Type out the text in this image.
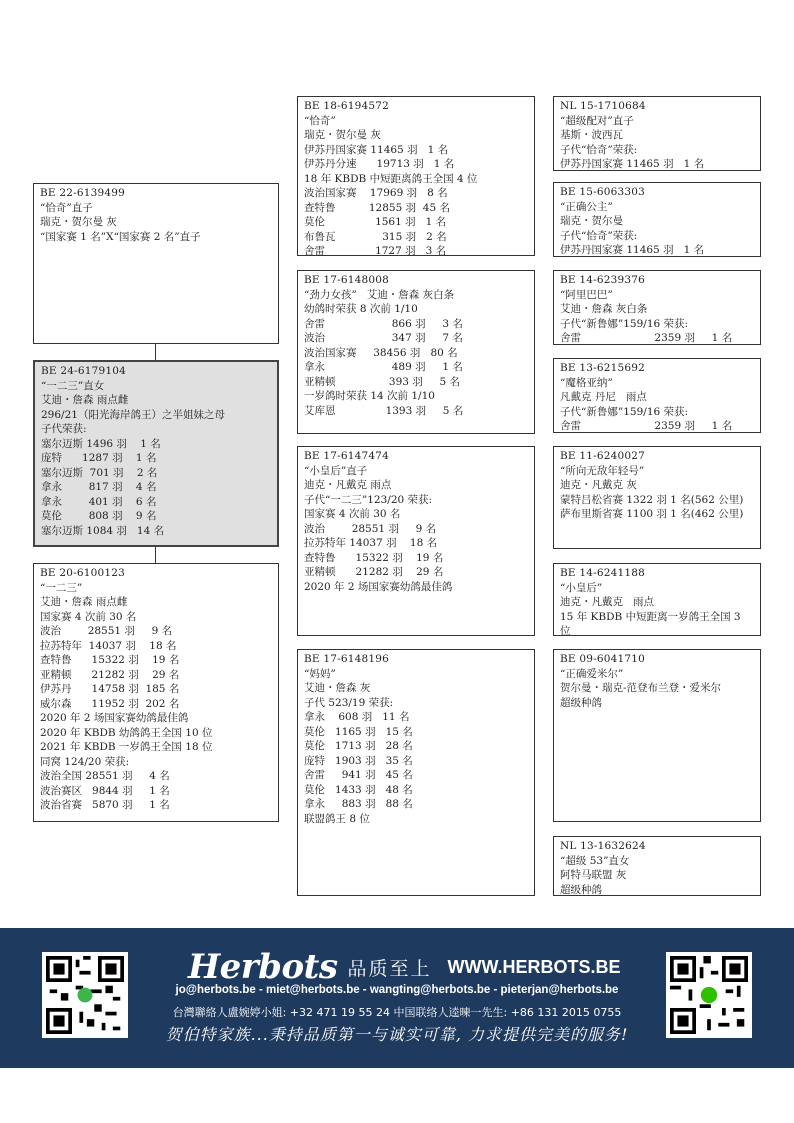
BE 22-6139499
“恰奇”直子
瑞克・贺尔曼 灰
“国家赛 1 名”X“国家赛 2 名”直子
BE 24-6179104
“一二三”直女
艾迪・詹森 雨点雌
296/21（阳光海岸鸽王）之半姐妹之母
子代荣获:
塞尔迈斯 1496 羽    1 名
庞特      1287 羽    1 名
塞尔迈斯  701 羽    2 名
拿永        817 羽    4 名
拿永        401 羽    6 名
莫伦        808 羽    9 名
塞尔迈斯 1084 羽   14 名
BE 20-6100123
“一二三”
艾迪・詹森 雨点雌
国家赛 4 次前 30 名
波治        28551 羽     9 名
拉苏特年  14037 羽    18 名
查特鲁      15322 羽    19 名
亚精顿      21282 羽    29 名
伊苏丹      14758 羽  185 名
威尔森      11952 羽  202 名
2020 年 2 场国家赛幼鸽最佳鸽
2020 年 KBDB 幼鸽鸽王全国 10 位
2021 年 KBDB 一岁鸽王全国 18 位
同窝 124/20 荣获:
波治全国 28551 羽     4 名
波治赛区   9844 羽     1 名
波治省赛   5870 羽     1 名
BE 18-6194572
“恰奇”
瑞克・贺尔曼 灰
伊苏丹国家赛 11465 羽   1 名
伊苏丹分速      19713 羽   1 名
18 年 KBDB 中短距离鸽王全国 4 位
波治国家赛    17969 羽   8 名
查特鲁          12855 羽  45 名
莫伦               1561 羽   1 名
布鲁瓦              315 羽   2 名
舍雷               1727 羽   3 名
BE 17-6148008
“劲力女孩”   艾迪・詹森 灰白条
幼鸽时荣获 8 次前 1/10
舍雷                    866 羽     3 名
波治                    347 羽     7 名
波治国家赛     38456 羽   80 名
拿永                    489 羽     1 名
亚精顿                393 羽     5 名
一岁鸽时荣获 14 次前 1/10
艾库恩               1393 羽     5 名
BE 17-6147474
“小皇后”直子
迪克・凡戴克 雨点
子代“一二三”123/20 荣获:
国家赛 4 次前 30 名
波治        28551 羽     9 名
拉苏特年 14037 羽    18 名
查特鲁      15322 羽    19 名
亚精顿      21282 羽    29 名
2020 年 2 场国家赛幼鸽最佳鸽
BE 17-6148196
“妈妈”
艾迪・詹森 灰
子代 523/19 荣获:
拿永    608 羽   11 名
莫伦   1165 羽   15 名
莫伦   1713 羽   28 名
庞特   1903 羽   35 名
舍雷     941 羽   45 名
莫伦   1433 羽   48 名
拿永     883 羽   88 名
联盟鸽王 8 位
NL 15-1710684
“超级配对”直子
基斯・波西瓦
子代“恰奇”荣获:
伊苏丹国家赛 11465 羽   1 名
BE 15-6063303
“正确公主”
瑞克・贺尔曼
子代“恰奇”荣获:
伊苏丹国家赛 11465 羽   1 名
BE 14-6239376
“阿里巴巴”
艾迪・詹森 灰白条
子代“新鲁娜”159/16 荣获:
舍雷                      2359 羽     1 名
BE 13-6215692
“魔格亚纳”
凡戴克 丹尼   雨点
子代“新鲁娜”159/16 荣获:
舍雷                      2359 羽     1 名
BE 11-6240027
“所向无敌年轻号”
迪克・凡戴克 灰
蒙特吕松省赛 1322 羽 1 名(562 公里)
萨布里斯省赛 1100 羽 1 名(462 公里)
BE 14-6241188
“小皇后”
迪克・凡戴克   雨点
15 年 KBDB 中短距离一岁鸽王全国 3
位
BE 09-6041710
“正确爱米尔”
贺尔曼・瑞克-范登布兰登・爱米尔
超级种鸽
NL 13-1632624
“超级 53”直女
阿特马联盟 灰
超级种鸽
Herbots 品质至上 WWW.HERBOTS.BE
jo@herbots.be - miet@herbots.be - wangting@herbots.be - pieterjan@herbots.be
台灣聯絡人盧婉婷小姐: +32 471 19 55 24 中国联络人逵暕一先生: +86 131 2015 0755
贺伯特家族...秉持品质第一与诚实可靠, 力求提供完美的服务!
